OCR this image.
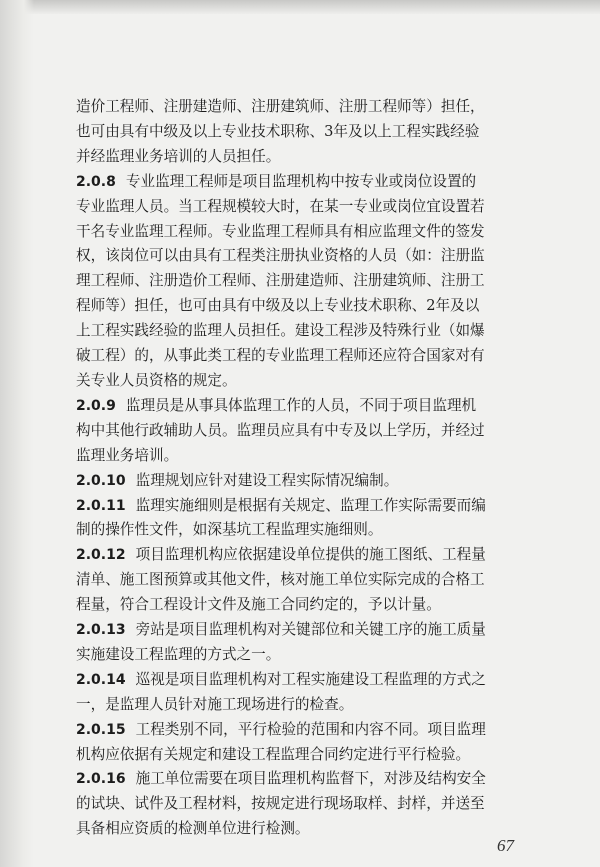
造价工程师、注册建造师、注册建筑师、注册工程师等）担任，
也可由具有中级及以上专业技术职称、3年及以上工程实践经验
并经监理业务培训的人员担任。
2.0.8 专业监理工程师是项目监理机构中按专业或岗位设置的
专业监理人员。当工程规模较大时，在某一专业或岗位宜设置若
干名专业监理工程师。专业监理工程师具有相应监理文件的签发
权，该岗位可以由具有工程类注册执业资格的人员（如：注册监
理工程师、注册造价工程师、注册建造师、注册建筑师、注册工
程师等）担任，也可由具有中级及以上专业技术职称、2年及以
上工程实践经验的监理人员担任。建设工程涉及特殊行业（如爆
破工程）的，从事此类工程的专业监理工程师还应符合国家对有
关专业人员资格的规定。
2.0.9 监理员是从事具体监理工作的人员，不同于项目监理机
构中其他行政辅助人员。监理员应具有中专及以上学历，并经过
监理业务培训。
2.0.10 监理规划应针对建设工程实际情况编制。
2.0.11 监理实施细则是根据有关规定、监理工作实际需要而编
制的操作性文件，如深基坑工程监理实施细则。
2.0.12 项目监理机构应依据建设单位提供的施工图纸、工程量
清单、施工图预算或其他文件，核对施工单位实际完成的合格工
程量，符合工程设计文件及施工合同约定的，予以计量。
2.0.13 旁站是项目监理机构对关键部位和关键工序的施工质量
实施建设工程监理的方式之一。
2.0.14 巡视是项目监理机构对工程实施建设工程监理的方式之
一，是监理人员针对施工现场进行的检查。
2.0.15 工程类别不同，平行检验的范围和内容不同。项目监理
机构应依据有关规定和建设工程监理合同约定进行平行检验。
2.0.16 施工单位需要在项目监理机构监督下，对涉及结构安全
的试块、试件及工程材料，按规定进行现场取样、封样，并送至
具备相应资质的检测单位进行检测。
67
